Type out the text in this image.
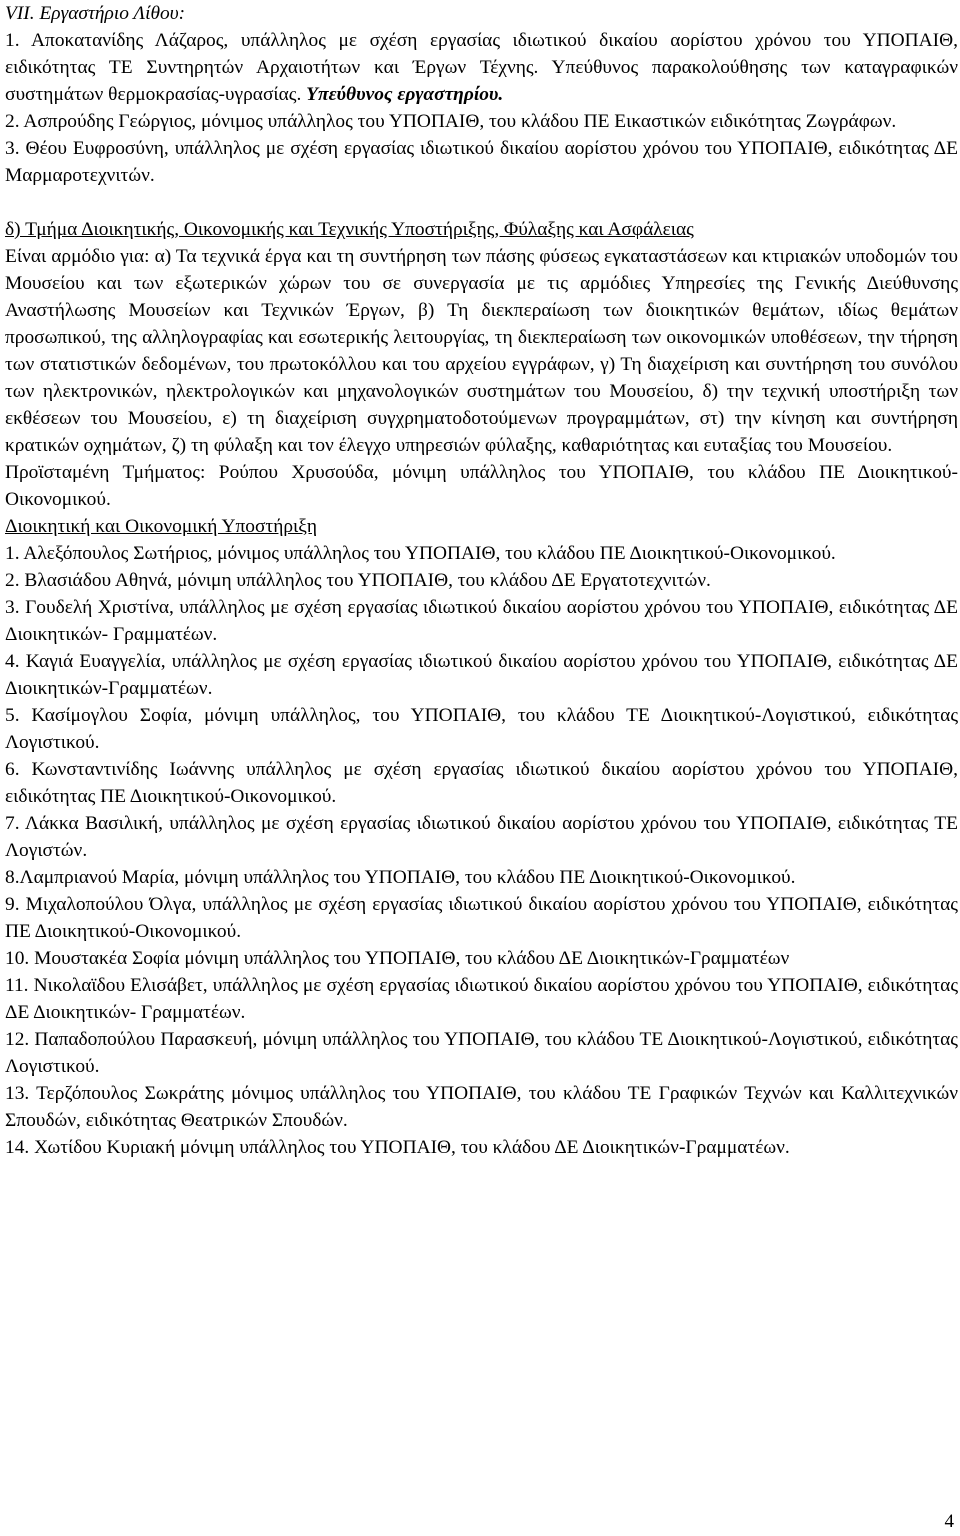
VII. Εργαστήριο Λίθου:

1. Αποκατανίδης Λάζαρος, υπάλληλος με σχέση εργασίας ιδιωτικού δικαίου αορίστου χρόνου του ΥΠΟΠΑΙΘ, ειδικότητας ΤΕ Συντηρητών Αρχαιοτήτων και Έργων Τέχνης. Υπεύθυνος παρακολούθησης των καταγραφικών συστημάτων θερμοκρασίας-υγρασίας. Υπεύθυνος εργαστηρίου.

2. Ασπρούδης Γεώργιος, μόνιμος υπάλληλος του ΥΠΟΠΑΙΘ, του κλάδου ΠΕ Εικαστικών ειδικότητας Ζωγράφων.

3. Θέου Ευφροσύνη, υπάλληλος με σχέση εργασίας ιδιωτικού δικαίου αορίστου χρόνου του ΥΠΟΠΑΙΘ, ειδικότητας ΔΕ Μαρμαροτεχνιτών.

δ) Τμήμα Διοικητικής, Οικονομικής και Τεχνικής Υποστήριξης, Φύλαξης και Ασφάλειας

Είναι αρμόδιο για: α) Τα τεχνικά έργα και τη συντήρηση των πάσης φύσεως εγκαταστάσεων και κτιριακών υποδομών του Μουσείου και των εξωτερικών χώρων του σε συνεργασία με τις αρμόδιες Υπηρεσίες της Γενικής Διεύθυνσης Αναστήλωσης Μουσείων και Τεχνικών Έργων, β) Τη διεκπεραίωση των διοικητικών θεμάτων, ιδίως θεμάτων προσωπικού, της αλληλογραφίας και εσωτερικής λειτουργίας, τη διεκπεραίωση των οικονομικών υποθέσεων, την τήρηση των στατιστικών δεδομένων, του πρωτοκόλλου και του αρχείου εγγράφων, γ) Τη διαχείριση και συντήρηση του συνόλου των ηλεκτρονικών, ηλεκτρολογικών και μηχανολογικών συστημάτων του Μουσείου, δ) την τεχνική υποστήριξη των εκθέσεων του Μουσείου, ε) τη διαχείριση συγχρηματοδοτούμενων προγραμμάτων, στ) την κίνηση και συντήρηση κρατικών οχημάτων, ζ) τη φύλαξη και τον έλεγχο υπηρεσιών φύλαξης, καθαριότητας και ευταξίας του Μουσείου.

Προϊσταμένη Τμήματος: Ρούπου Χρυσούδα, μόνιμη υπάλληλος του ΥΠΟΠΑΙΘ, του κλάδου ΠΕ Διοικητικού-Οικονομικού.

Διοικητική και Οικονομική Υποστήριξη

1. Αλεξόπουλος Σωτήριος, μόνιμος υπάλληλος του ΥΠΟΠΑΙΘ, του κλάδου ΠΕ Διοικητικού-Οικονομικού.

2. Βλασιάδου Αθηνά, μόνιμη υπάλληλος του ΥΠΟΠΑΙΘ, του κλάδου ΔΕ Εργατοτεχνιτών.

3. Γουδελή Χριστίνα, υπάλληλος με σχέση εργασίας ιδιωτικού δικαίου αορίστου χρόνου του ΥΠΟΠΑΙΘ, ειδικότητας ΔΕ Διοικητικών- Γραμματέων.

4. Καγιά Ευαγγελία, υπάλληλος με σχέση εργασίας ιδιωτικού δικαίου αορίστου χρόνου του ΥΠΟΠΑΙΘ, ειδικότητας ΔΕ Διοικητικών-Γραμματέων.

5. Κασίμογλου Σοφία, μόνιμη υπάλληλος, του ΥΠΟΠΑΙΘ, του κλάδου ΤΕ Διοικητικού-Λογιστικού, ειδικότητας Λογιστικού.

6. Κωνσταντινίδης Ιωάννης υπάλληλος με σχέση εργασίας ιδιωτικού δικαίου αορίστου χρόνου του ΥΠΟΠΑΙΘ, ειδικότητας ΠΕ Διοικητικού-Οικονομικού.

7. Λάκκα Βασιλική, υπάλληλος με σχέση εργασίας ιδιωτικού δικαίου αορίστου χρόνου του ΥΠΟΠΑΙΘ, ειδικότητας ΤΕ Λογιστών.

8.Λαμπριανού Μαρία, μόνιμη υπάλληλος του ΥΠΟΠΑΙΘ, του κλάδου ΠΕ Διοικητικού-Οικονομικού.

9. Μιχαλοπούλου Όλγα, υπάλληλος με σχέση εργασίας ιδιωτικού δικαίου αορίστου χρόνου του ΥΠΟΠΑΙΘ, ειδικότητας ΠΕ Διοικητικού-Οικονομικού.

10. Μουστακέα Σοφία μόνιμη υπάλληλος του ΥΠΟΠΑΙΘ, του κλάδου ΔΕ Διοικητικών-Γραμματέων

11. Νικολαϊδου Ελισάβετ, υπάλληλος με σχέση εργασίας ιδιωτικού δικαίου αορίστου χρόνου του ΥΠΟΠΑΙΘ, ειδικότητας ΔΕ Διοικητικών- Γραμματέων.

12. Παπαδοπούλου Παρασκευή, μόνιμη υπάλληλος του ΥΠΟΠΑΙΘ, του κλάδου ΤΕ Διοικητικού-Λογιστικού, ειδικότητας Λογιστικού.

13. Τερζόπουλος Σωκράτης μόνιμος υπάλληλος του ΥΠΟΠΑΙΘ, του κλάδου ΤΕ Γραφικών Τεχνών και Καλλιτεχνικών Σπουδών, ειδικότητας Θεατρικών Σπουδών.

14. Χωτίδου Κυριακή μόνιμη υπάλληλος του ΥΠΟΠΑΙΘ, του κλάδου ΔΕ Διοικητικών-Γραμματέων.

4
